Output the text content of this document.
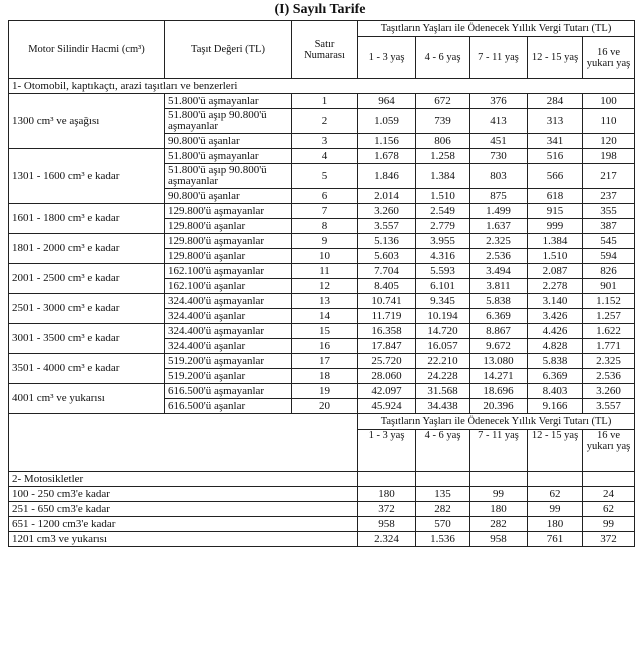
(I) Sayılı Tarife
Motor Silindir Hacmi (cm³)	Taşıt Değeri (TL)	Satır Numarası	Taşıtların Yaşları ile Ödenecek Yıllık Vergi Tutarı (TL)				
			1 - 3 yaş	4 - 6 yaş	7 - 11 yaş	12 - 15 yaş	16 ve yukarı yaş
1- Otomobil, kaptıkaçtı, arazi taşıtları ve benzerleri							
1300 cm³ ve aşağısı	51.800'ü aşmayanlar	1	964	672	376	284	100
	51.800'ü aşıp 90.800'ü aşmayanlar	2	1.059	739	413	313	110
	90.800'ü aşanlar	3	1.156	806	451	341	120
1301 - 1600 cm³ e kadar	51.800'ü aşmayanlar	4	1.678	1.258	730	516	198
	51.800'ü aşıp 90.800'ü aşmayanlar	5	1.846	1.384	803	566	217
	90.800'ü aşanlar	6	2.014	1.510	875	618	237
1601 - 1800 cm³ e kadar	129.800'ü aşmayanlar	7	3.260	2.549	1.499	915	355
	129.800'ü aşanlar	8	3.557	2.779	1.637	999	387
1801 - 2000 cm³ e kadar	129.800'ü aşmayanlar	9	5.136	3.955	2.325	1.384	545
	129.800'ü aşanlar	10	5.603	4.316	2.536	1.510	594
2001 - 2500 cm³ e kadar	162.100'ü aşmayanlar	11	7.704	5.593	3.494	2.087	826
	162.100'ü aşanlar	12	8.405	6.101	3.811	2.278	901
2501 - 3000 cm³ e kadar	324.400'ü aşmayanlar	13	10.741	9.345	5.838	3.140	1.152
	324.400'ü aşanlar	14	11.719	10.194	6.369	3.426	1.257
3001 - 3500 cm³ e kadar	324.400'ü aşmayanlar	15	16.358	14.720	8.867	4.426	1.622
	324.400'ü aşanlar	16	17.847	16.057	9.672	4.828	1.771
3501 - 4000 cm³ e kadar	519.200'ü aşmayanlar	17	25.720	22.210	13.080	5.838	2.325
	519.200'ü aşanlar	18	28.060	24.228	14.271	6.369	2.536
4001 cm³ ve yukarısı	616.500'ü aşmayanlar	19	42.097	31.568	18.696	8.403	3.260
	616.500'ü aşanlar	20	45.924	34.438	20.396	9.166	3.557
			Taşıtların Yaşları ile Ödenecek Yıllık Vergi Tutarı (TL)				
			1 - 3 yaş	4 - 6 yaş	7 - 11 yaş	12 - 15 yaş	16 ve yukarı yaş
2- Motosikletler							
100 - 250 cm3'e kadar			180	135	99	62	24
251 - 650 cm3'e kadar			372	282	180	99	62
651 - 1200 cm3'e kadar			958	570	282	180	99
1201 cm3 ve yukarısı			2.324	1.536	958	761	372
